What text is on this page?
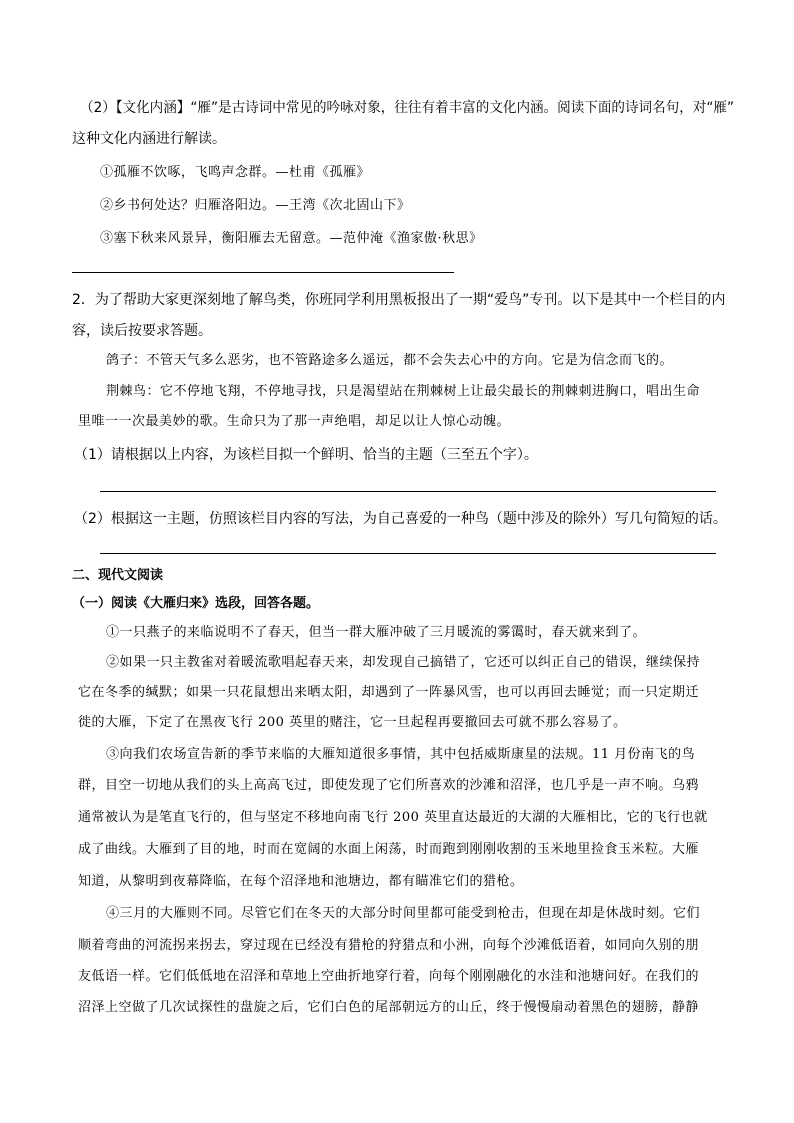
（2）【文化内涵】“雁”是古诗词中常见的吟咏对象，往往有着丰富的文化内涵。阅读下面的诗词名句，对“雁”
这种文化内涵进行解读。
①孤雁不饮啄，飞鸣声念群。—杜甫《孤雁》
②乡书何处达？归雁洛阳边。—王湾《次北固山下》
③塞下秋来风景异，衡阳雁去无留意。—范仲淹《渔家傲·秋思》
2．为了帮助大家更深刻地了解鸟类，你班同学利用黑板报出了一期“爱鸟”专刊。以下是其中一个栏目的内
容，读后按要求答题。
鸽子：不管天气多么恶劣，也不管路途多么遥远，都不会失去心中的方向。它是为信念而飞的。
荆棘鸟：它不停地飞翔，不停地寻找，只是渴望站在荆棘树上让最尖最长的荆棘刺进胸口，唱出生命
里唯一一次最美妙的歌。生命只为了那一声绝唱，却足以让人惊心动魄。
（1）请根据以上内容，为该栏目拟一个鲜明、恰当的主题（三至五个字）。
（2）根据这一主题，仿照该栏目内容的写法，为自己喜爱的一种鸟（题中涉及的除外）写几句简短的话。
二、现代文阅读
（一）阅读《大雁归来》选段，回答各题。
①一只燕子的来临说明不了春天，但当一群大雁冲破了三月暖流的雾霭时，春天就来到了。
②如果一只主教雀对着暖流歌唱起春天来，却发现自己搞错了，它还可以纠正自己的错误，继续保持
它在冬季的缄默；如果一只花鼠想出来晒太阳，却遇到了一阵暴风雪，也可以再回去睡觉；而一只定期迁
徙的大雁，下定了在黑夜飞行 200 英里的赌注，它一旦起程再要撤回去可就不那么容易了。
③向我们农场宣告新的季节来临的大雁知道很多事情，其中包括威斯康星的法规。11 月份南飞的鸟
群，目空一切地从我们的头上高高飞过，即使发现了它们所喜欢的沙滩和沼泽，也几乎是一声不响。乌鸦
通常被认为是笔直飞行的，但与坚定不移地向南飞行 200 英里直达最近的大湖的大雁相比，它的飞行也就
成了曲线。大雁到了目的地，时而在宽阔的水面上闲荡，时而跑到刚刚收割的玉米地里捡食玉米粒。大雁
知道，从黎明到夜幕降临，在每个沼泽地和池塘边，都有瞄准它们的猎枪。
④三月的大雁则不同。尽管它们在冬天的大部分时间里都可能受到枪击，但现在却是休战时刻。它们
顺着弯曲的河流拐来拐去，穿过现在已经没有猎枪的狩猎点和小洲，向每个沙滩低语着，如同向久别的朋
友低语一样。它们低低地在沼泽和草地上空曲折地穿行着，向每个刚刚融化的水洼和池塘问好。在我们的
沼泽上空做了几次试探性的盘旋之后，它们白色的尾部朝远方的山丘，终于慢慢扇动着黑色的翅膀，静静
